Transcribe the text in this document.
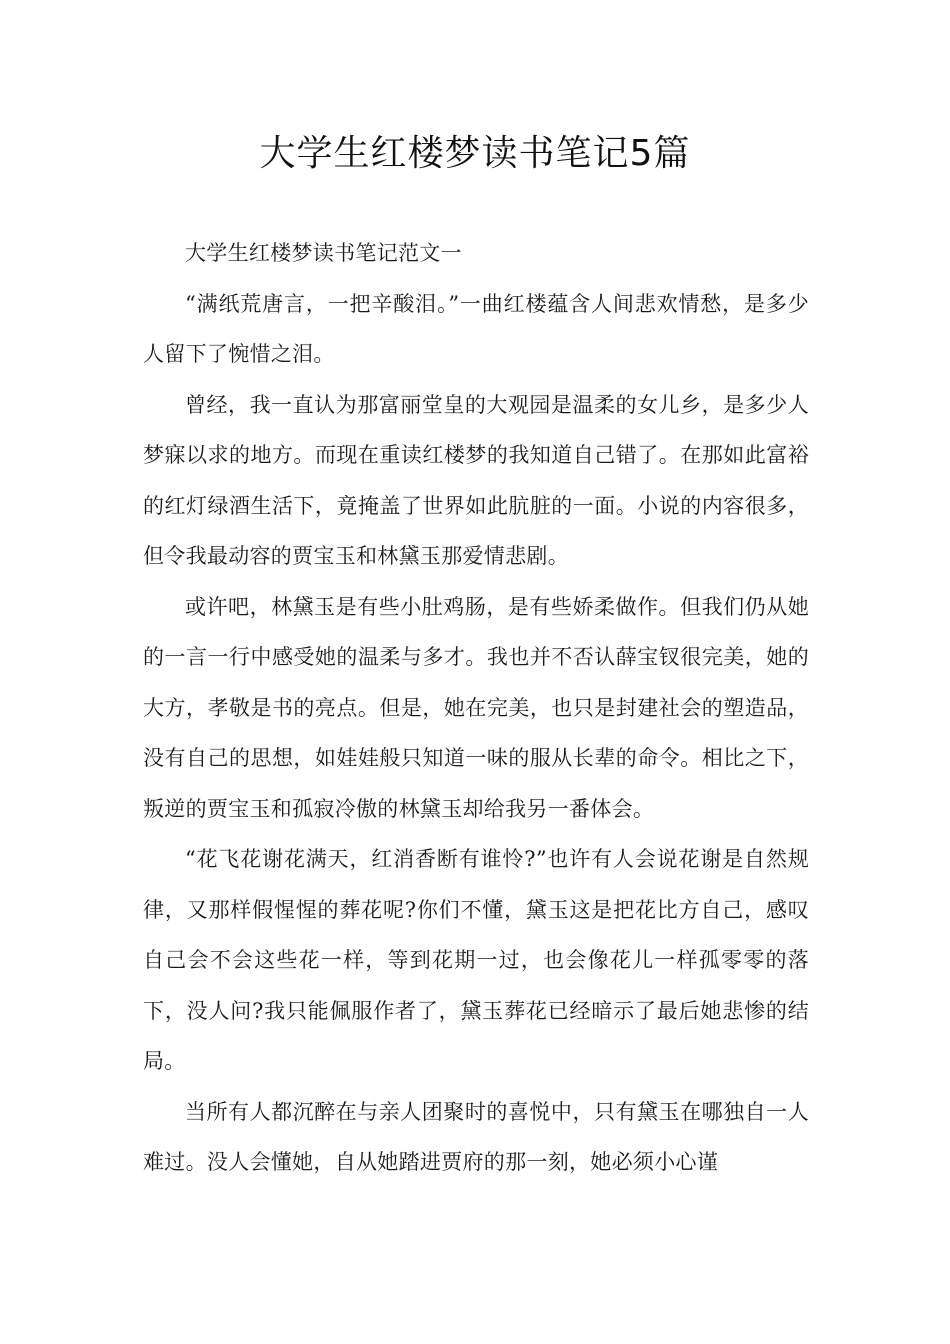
大学生红楼梦读书笔记5篇

大学生红楼梦读书笔记范文一

“满纸荒唐言，一把辛酸泪。”一曲红楼蕴含人间悲欢情愁，是多少人留下了惋惜之泪。

曾经，我一直认为那富丽堂皇的大观园是温柔的女儿乡，是多少人梦寐以求的地方。而现在重读红楼梦的我知道自己错了。在那如此富裕的红灯绿酒生活下，竟掩盖了世界如此肮脏的一面。小说的内容很多，但令我最动容的贾宝玉和林黛玉那爱情悲剧。

或许吧，林黛玉是有些小肚鸡肠，是有些娇柔做作。但我们仍从她的一言一行中感受她的温柔与多才。我也并不否认薛宝钗很完美，她的大方，孝敬是书的亮点。但是，她在完美，也只是封建社会的塑造品，没有自己的思想，如娃娃般只知道一味的服从长辈的命令。相比之下，叛逆的贾宝玉和孤寂冷傲的林黛玉却给我另一番体会。

“花飞花谢花满天，红消香断有谁怜?”也许有人会说花谢是自然规律，又那样假惺惺的葬花呢?你们不懂，黛玉这是把花比方自己，感叹自己会不会这些花一样，等到花期一过，也会像花儿一样孤零零的落下，没人问?我只能佩服作者了，黛玉葬花已经暗示了最后她悲惨的结局。

当所有人都沉醉在与亲人团聚时的喜悦中，只有黛玉在哪独自一人难过。没人会懂她，自从她踏进贾府的那一刻，她必须小心谨
